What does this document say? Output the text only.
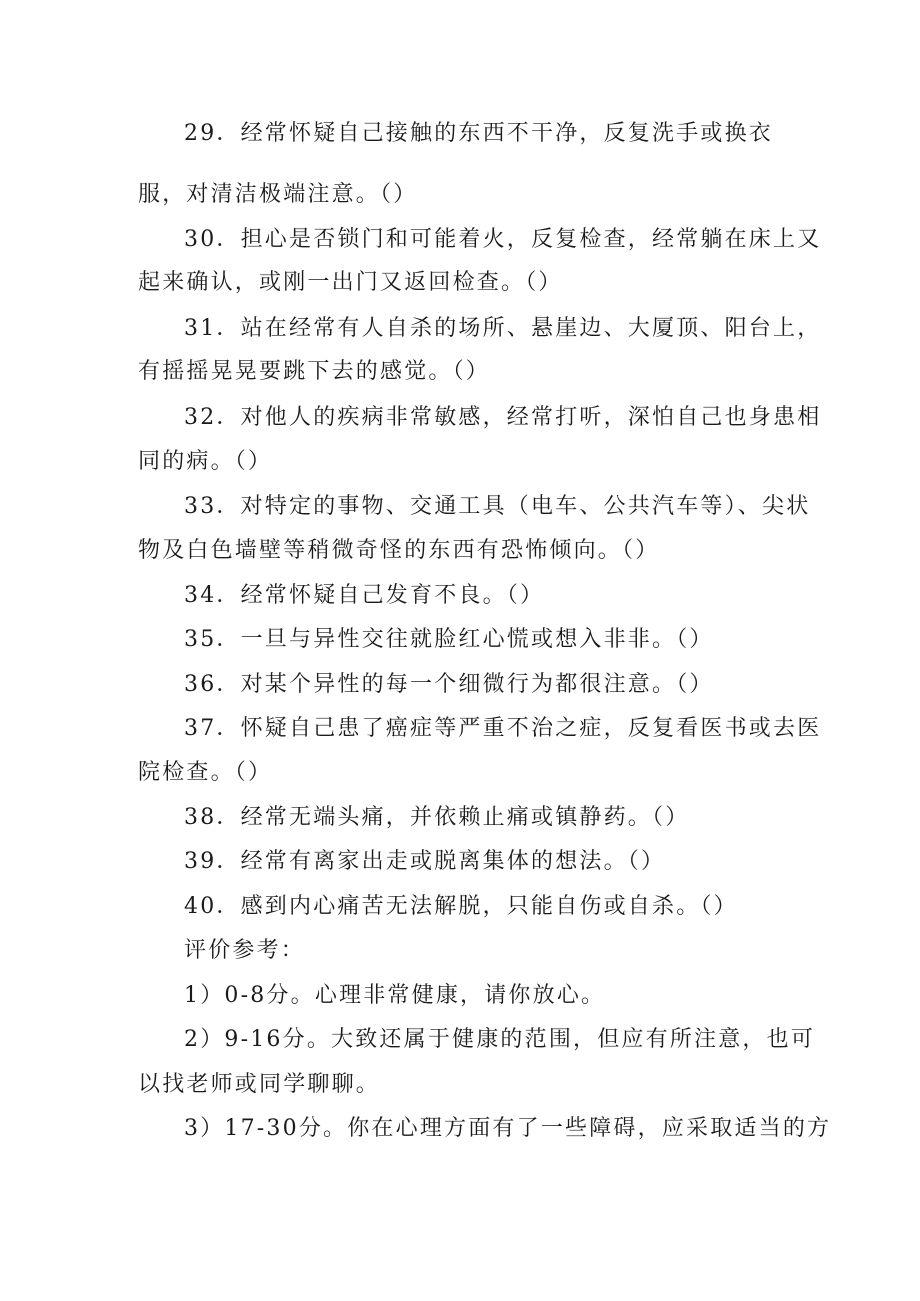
29．经常怀疑自己接触的东西不干净，反复洗手或换衣
服，对清洁极端注意。（）
30．担心是否锁门和可能着火，反复检查，经常躺在床上又
起来确认，或刚一出门又返回检查。（）
31．站在经常有人自杀的场所、悬崖边、大厦顶、阳台上，
有摇摇晃晃要跳下去的感觉。（）
32．对他人的疾病非常敏感，经常打听，深怕自己也身患相
同的病。（）
33．对特定的事物、交通工具（电车、公共汽车等）、尖状
物及白色墙壁等稍微奇怪的东西有恐怖倾向。（）
34．经常怀疑自己发育不良。（）
35．一旦与异性交往就脸红心慌或想入非非。（）
36．对某个异性的每一个细微行为都很注意。（）
37．怀疑自己患了癌症等严重不治之症，反复看医书或去医
院检查。（）
38．经常无端头痛，并依赖止痛或镇静药。（）
39．经常有离家出走或脱离集体的想法。（）
40．感到内心痛苦无法解脱，只能自伤或自杀。（）
评价参考：
1）0-8分。心理非常健康，请你放心。
2）9-16分。大致还属于健康的范围，但应有所注意，也可
以找老师或同学聊聊。
3）17-30分。你在心理方面有了一些障碍，应采取适当的方
